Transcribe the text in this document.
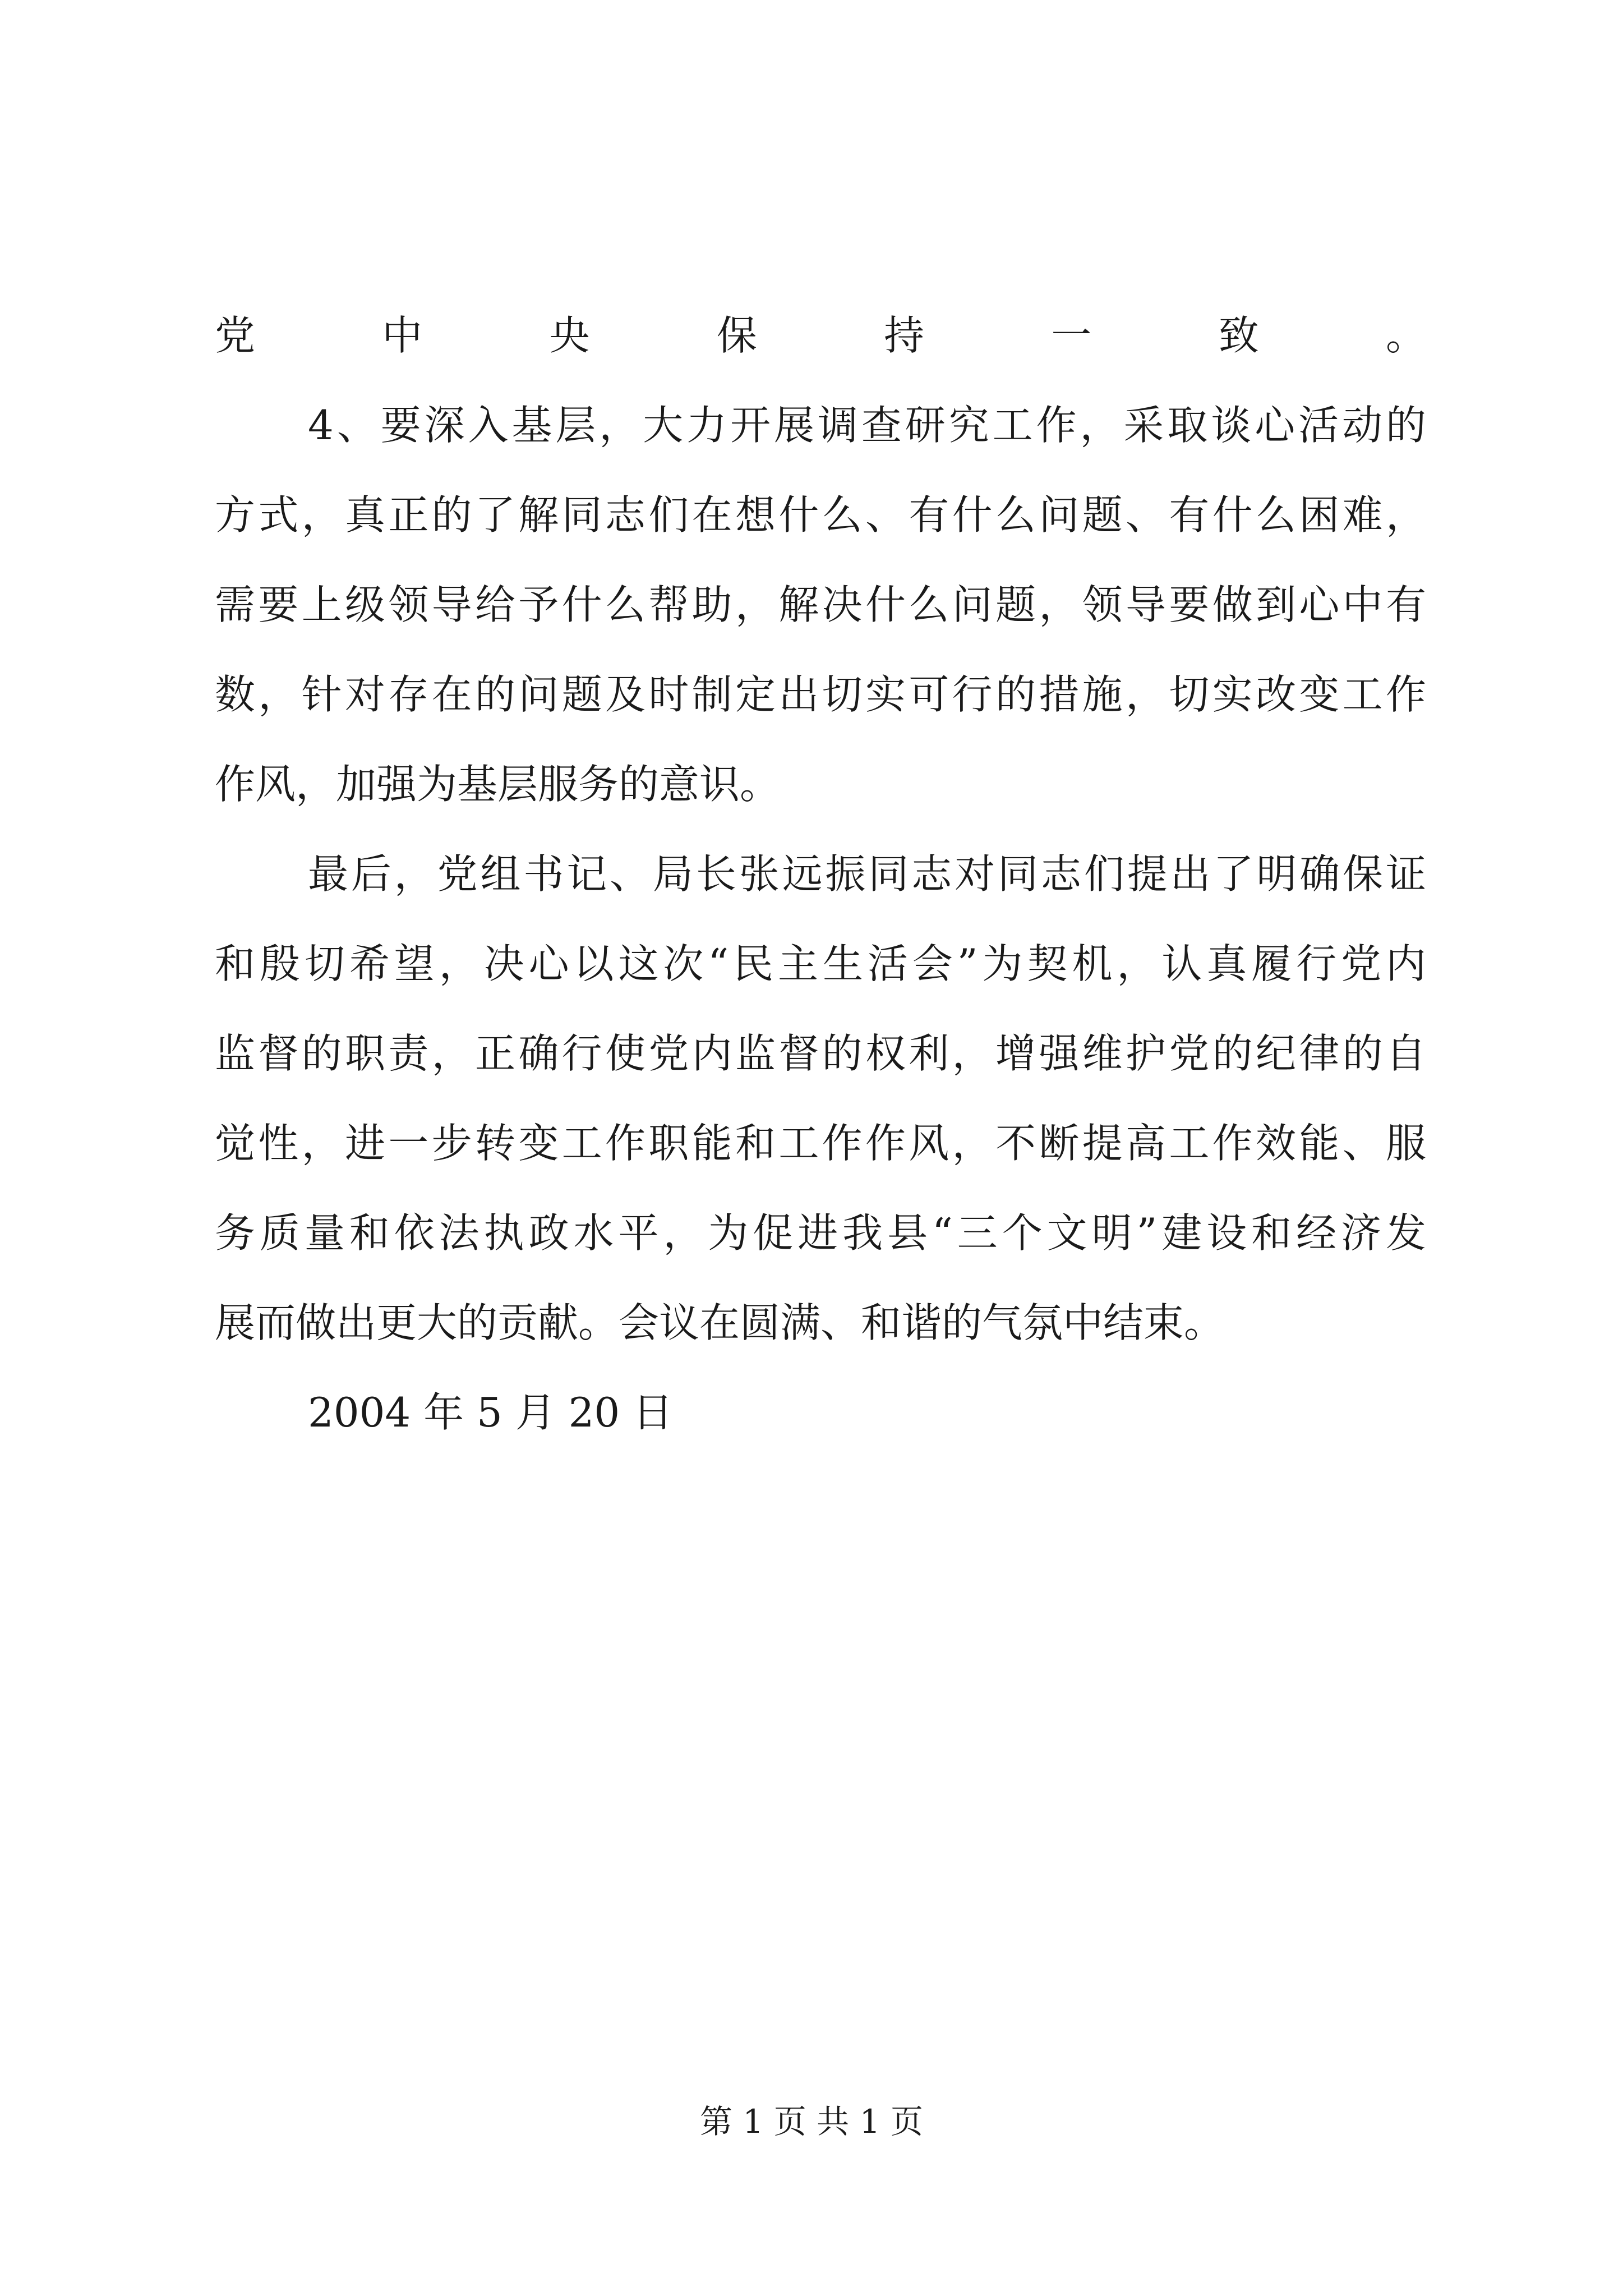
党中央保持一致。
4、要深入基层，大力开展调查研究工作，采取谈心活动的
方式，真正的了解同志们在想什么、有什么问题、有什么困难，
需要上级领导给予什么帮助，解决什么问题，领导要做到心中有
数，针对存在的问题及时制定出切实可行的措施，切实改变工作
作风，加强为基层服务的意识。
最后，党组书记、局长张远振同志对同志们提出了明确保证
和殷切希望，决心以这次“民主生活会”为契机，认真履行党内
监督的职责，正确行使党内监督的权利，增强维护党的纪律的自
觉性，进一步转变工作职能和工作作风，不断提高工作效能、服
务质量和依法执政水平，为促进我县“三个文明”建设和经济发
展而做出更大的贡献。会议在圆满、和谐的气氛中结束。
2004 年 5 月 20 日
第 1 页 共 1 页
